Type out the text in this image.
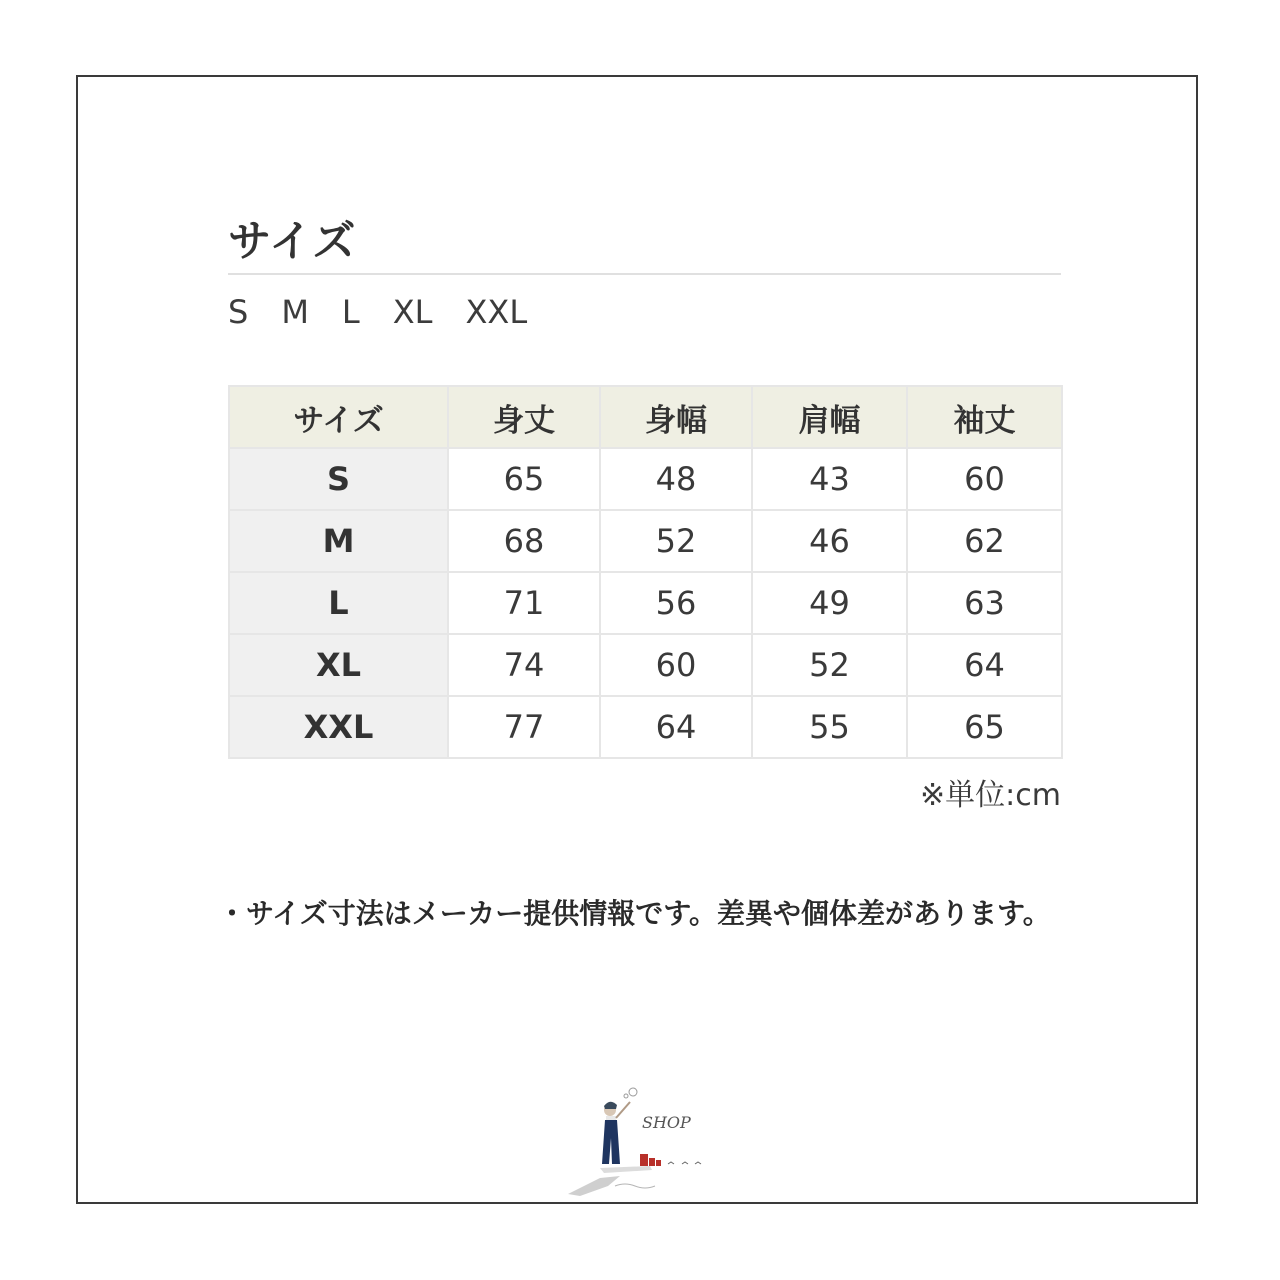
サイズ
S M L XL XXL
サイズ	身丈	身幅	肩幅	袖丈
S	65	48	43	60
M	68	52	46	62
L	71	56	49	63
XL	74	60	52	64
XXL	77	64	55	65
※単位:cm
・サイズ寸法はメーカー提供情報です。差異や個体差があります。
SHOP
